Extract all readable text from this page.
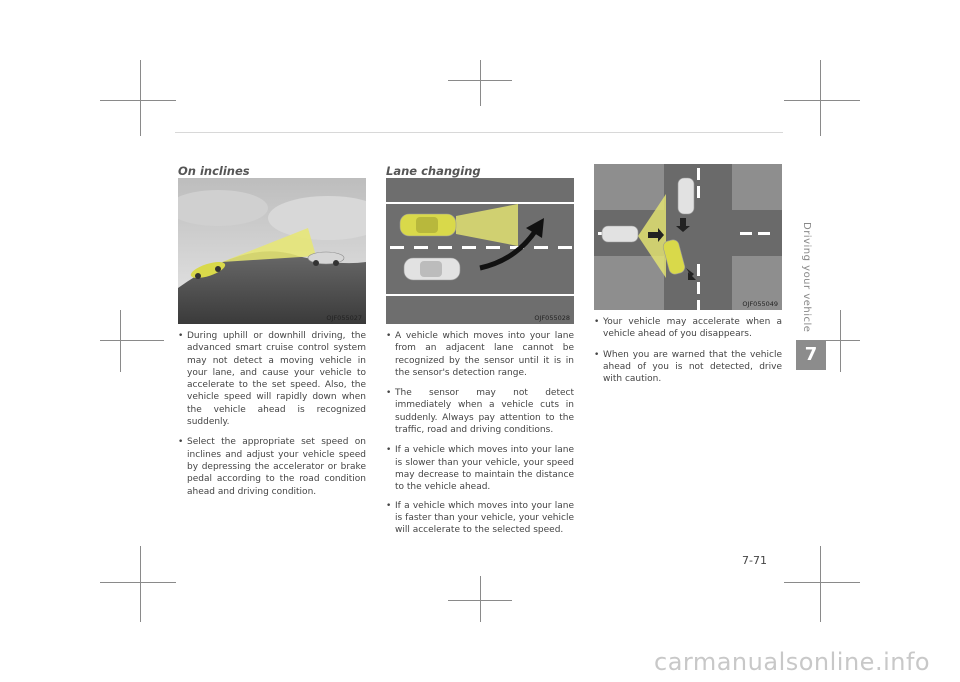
On inclines
OJF055027
• During uphill or downhill driving, the advanced smart cruise control system may not detect a moving vehicle in your lane, and cause your vehicle to accelerate to the set speed. Also, the vehicle speed will rapidly down when the vehicle ahead is recognized suddenly.
• Select the appropriate set speed on inclines and adjust your vehicle speed by depressing the accelerator or brake pedal according to the road condition ahead and driving condition.
Lane changing
OJF055028
• A vehicle which moves into your lane from an adjacent lane cannot be recognized by the sensor until it is in the sensor's detection range.
• The sensor may not detect immediately when a vehicle cuts in suddenly. Always pay attention to the traffic, road and driving conditions.
• If a vehicle which moves into your lane is slower than your vehicle, your speed may decrease to maintain the distance to the vehicle ahead.
• If a vehicle which moves into your lane is faster than your vehicle, your vehicle will accelerate to the selected speed.
OJF055049
• Your vehicle may accelerate when a vehicle ahead of you disappears.
• When you are warned that the vehicle ahead of you is not detected, drive with caution.
Driving your vehicle
7
7-71
carmanualsonline.info
